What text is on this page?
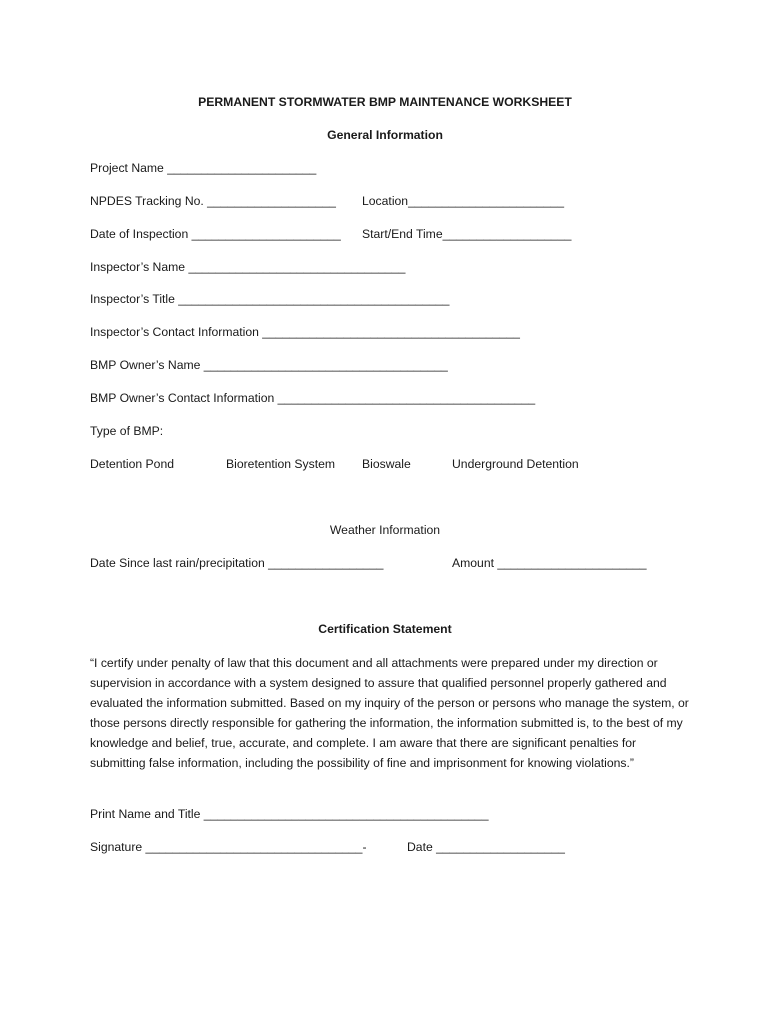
PERMANENT STORMWATER BMP MAINTENANCE WORKSHEET
General Information
Project Name ______________________
NPDES Tracking No. ___________________ Location_______________________
Date of Inspection ______________________ Start/End Time___________________
Inspector’s Name ________________________________
Inspector’s Title ________________________________________
Inspector’s Contact Information ______________________________________
BMP Owner’s Name ____________________________________
BMP Owner’s Contact Information ______________________________________
Type of BMP:
Detention Pond	Bioretention System Bioswale	Underground Detention
Weather Information
Date Since last rain/precipitation _________________	Amount ______________________
Certification Statement
“I certify under penalty of law that this document and all attachments were prepared under my direction or supervision in accordance with a system designed to assure that qualified personnel properly gathered and evaluated the information submitted. Based on my inquiry of the person or persons who manage the system, or those persons directly responsible for gathering the information, the information submitted is, to the best of my knowledge and belief, true, accurate, and complete. I am aware that there are significant penalties for submitting false information, including the possibility of fine and imprisonment for knowing violations.”
Print Name and Title __________________________________________
Signature ________________________________-	Date ___________________
